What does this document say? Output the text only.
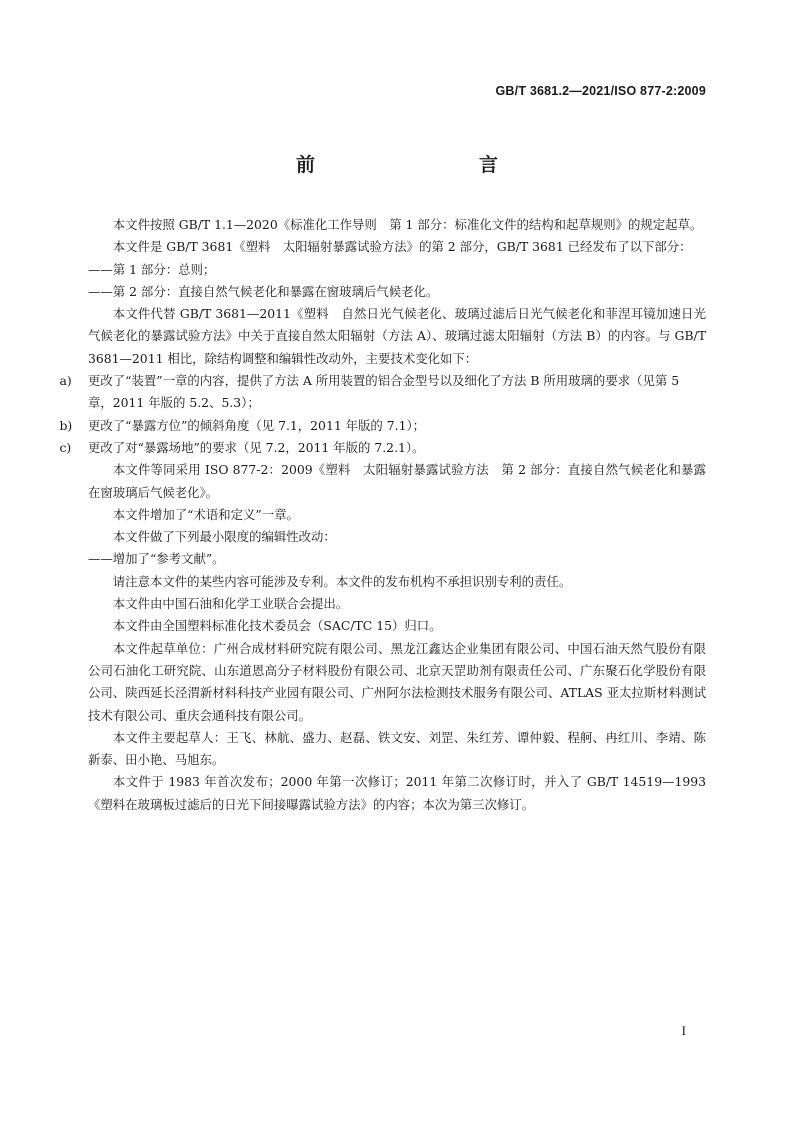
GB/T 3681.2—2021/ISO 877-2:2009
前　　言

本文件按照 GB/T 1.1—2020《标准化工作导则　第 1 部分：标准化文件的结构和起草规则》的规定起草。

本文件是 GB/T 3681《塑料　太阳辐射暴露试验方法》的第 2 部分，GB/T 3681 已经发布了以下部分：

——第 1 部分：总则；

——第 2 部分：直接自然气候老化和暴露在窗玻璃后气候老化。

本文件代替 GB/T 3681—2011《塑料　自然日光气候老化、玻璃过滤后日光气候老化和菲涅耳镜加速日光气候老化的暴露试验方法》中关于直接自然太阳辐射（方法 A）、玻璃过滤太阳辐射（方法 B）的内容。与 GB/T 3681—2011 相比，除结构调整和编辑性改动外，主要技术变化如下：

a) 更改了“装置”一章的内容，提供了方法 A 所用装置的铝合金型号以及细化了方法 B 所用玻璃的要求（见第 5 章，2011 年版的 5.2、5.3）；

b) 更改了“暴露方位”的倾斜角度（见 7.1，2011 年版的 7.1）；

c) 更改了对“暴露场地”的要求（见 7.2，2011 年版的 7.2.1）。

本文件等同采用 ISO 877-2：2009《塑料　太阳辐射暴露试验方法　第 2 部分：直接自然气候老化和暴露在窗玻璃后气候老化》。

本文件增加了“术语和定义”一章。

本文件做了下列最小限度的编辑性改动：

——增加了“参考文献”。

请注意本文件的某些内容可能涉及专利。本文件的发布机构不承担识别专利的责任。

本文件由中国石油和化学工业联合会提出。

本文件由全国塑料标准化技术委员会（SAC/TC 15）归口。

本文件起草单位：广州合成材料研究院有限公司、黑龙江鑫达企业集团有限公司、中国石油天然气股份有限公司石油化工研究院、山东道恩高分子材料股份有限公司、北京天罡助剂有限责任公司、广东聚石化学股份有限公司、陕西延长泾渭新材料科技产业园有限公司、广州阿尔法检测技术服务有限公司、ATLAS 亚太拉斯材料测试技术有限公司、重庆会通科技有限公司。

本文件主要起草人：王飞、林航、盛力、赵磊、铁文安、刘罡、朱红芳、谭仲毅、程舸、冉红川、李靖、陈新泰、田小艳、马旭东。

本文件于 1983 年首次发布；2000 年第一次修订；2011 年第二次修订时，并入了 GB/T 14519—1993《塑料在玻璃板过滤后的日光下间接曝露试验方法》的内容；本次为第三次修订。

I
